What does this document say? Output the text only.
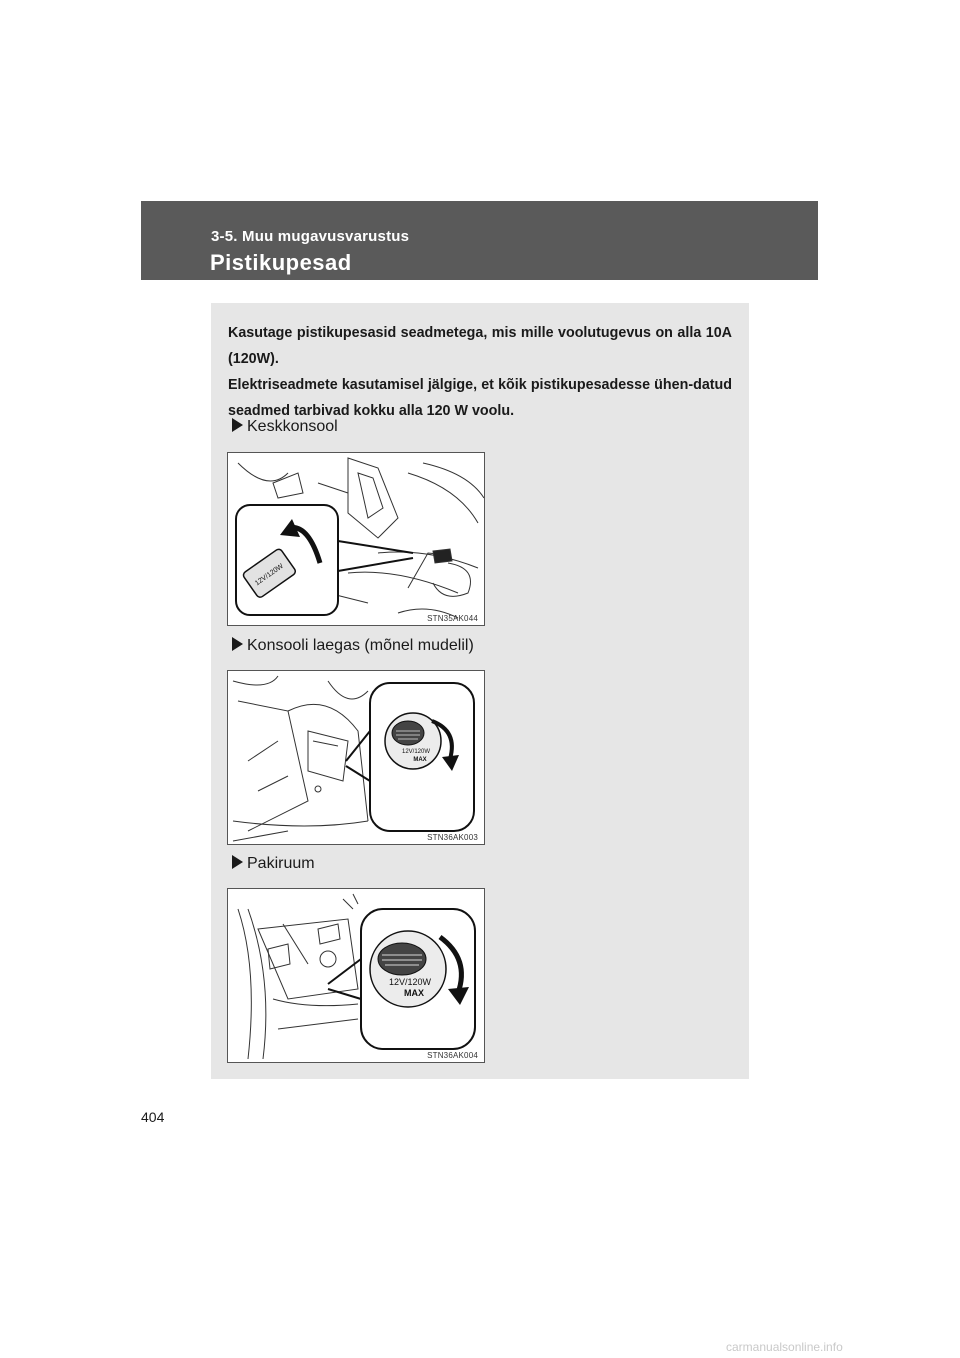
3-5. Muu mugavusvarustus
Pistikupesad

Kasutage pistikupesasid seadmetega, mis mille voolutugevus on alla 10A (120W).

Elektriseadmete kasutamisel jälgige, et kõik pistikupesadesse ühen-datud seadmed tarbivad kokku alla 120 W voolu.

Keskkonsool
12V/120W
STN35AK044
Konsooli laegas (mõnel mudelil)
12V/120W
MAX
STN36AK003
Pakiruum
12V/120W
MAX
STN36AK004
404
carmanualsonline.info
